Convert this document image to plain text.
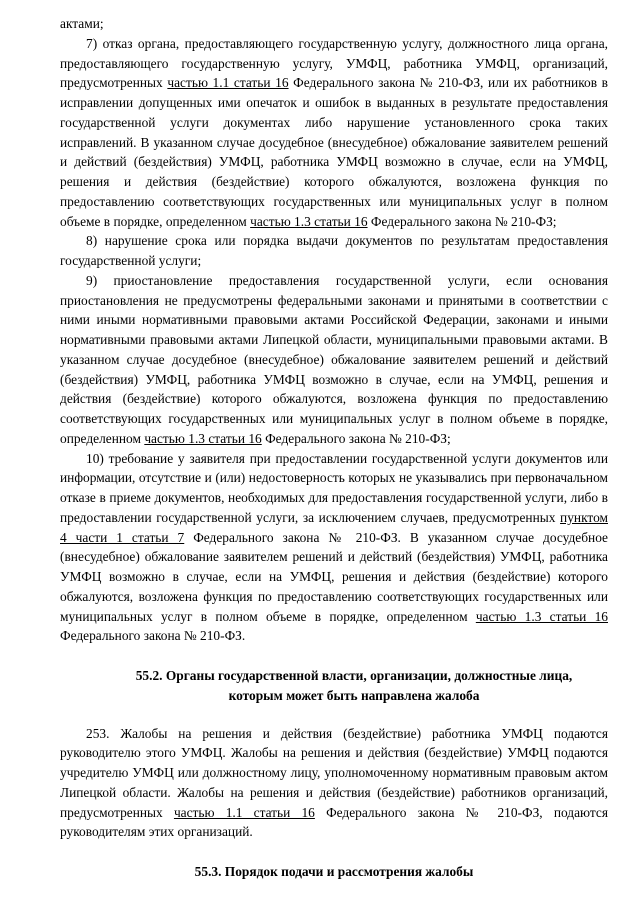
актами;

7) отказ органа, предоставляющего государственную услугу, должностного лица органа, предоставляющего государственную услугу, УМФЦ, работника УМФЦ, организаций, предусмотренных частью 1.1 статьи 16 Федерального закона № 210-ФЗ, или их работников в исправлении допущенных ими опечаток и ошибок в выданных в результате предоставления государственной услуги документах либо нарушение установленного срока таких исправлений. В указанном случае досудебное (внесудебное) обжалование заявителем решений и действий (бездействия) УМФЦ, работника УМФЦ возможно в случае, если на УМФЦ, решения и действия (бездействие) которого обжалуются, возложена функция по предоставлению соответствующих государственных или муниципальных услуг в полном объеме в порядке, определенном частью 1.3 статьи 16 Федерального закона № 210-ФЗ;

8) нарушение срока или порядка выдачи документов по результатам предоставления государственной услуги;

9) приостановление предоставления государственной услуги, если основания приостановления не предусмотрены федеральными законами и принятыми в соответствии с ними иными нормативными правовыми актами Российской Федерации, законами и иными нормативными правовыми актами Липецкой области, муниципальными правовыми актами. В указанном случае досудебное (внесудебное) обжалование заявителем решений и действий (бездействия) УМФЦ, работника УМФЦ возможно в случае, если на УМФЦ, решения и действия (бездействие) которого обжалуются, возложена функция по предоставлению соответствующих государственных или муниципальных услуг в полном объеме в порядке, определенном частью 1.3 статьи 16 Федерального закона № 210-ФЗ;

10) требование у заявителя при предоставлении государственной услуги документов или информации, отсутствие и (или) недостоверность которых не указывались при первоначальном отказе в приеме документов, необходимых для предоставления государственной услуги, либо в предоставлении государственной услуги, за исключением случаев, предусмотренных пунктом 4 части 1 статьи 7 Федерального закона № 210-ФЗ. В указанном случае досудебное (внесудебное) обжалование заявителем решений и действий (бездействия) УМФЦ, работника УМФЦ возможно в случае, если на УМФЦ, решения и действия (бездействие) которого обжалуются, возложена функция по предоставлению соответствующих государственных или муниципальных услуг в полном объеме в порядке, определенном частью 1.3 статьи 16 Федерального закона № 210-ФЗ.

55.2. Органы государственной власти, организации, должностные лица,
которым может быть направлена жалоба

253. Жалобы на решения и действия (бездействие) работника УМФЦ подаются руководителю этого УМФЦ. Жалобы на решения и действия (бездействие) УМФЦ подаются учредителю УМФЦ или должностному лицу, уполномоченному нормативным правовым актом Липецкой области. Жалобы на решения и действия (бездействие) работников организаций, предусмотренных частью 1.1 статьи 16 Федерального закона № 210-ФЗ, подаются руководителям этих организаций.

55.3. Порядок подачи и рассмотрения жалобы
